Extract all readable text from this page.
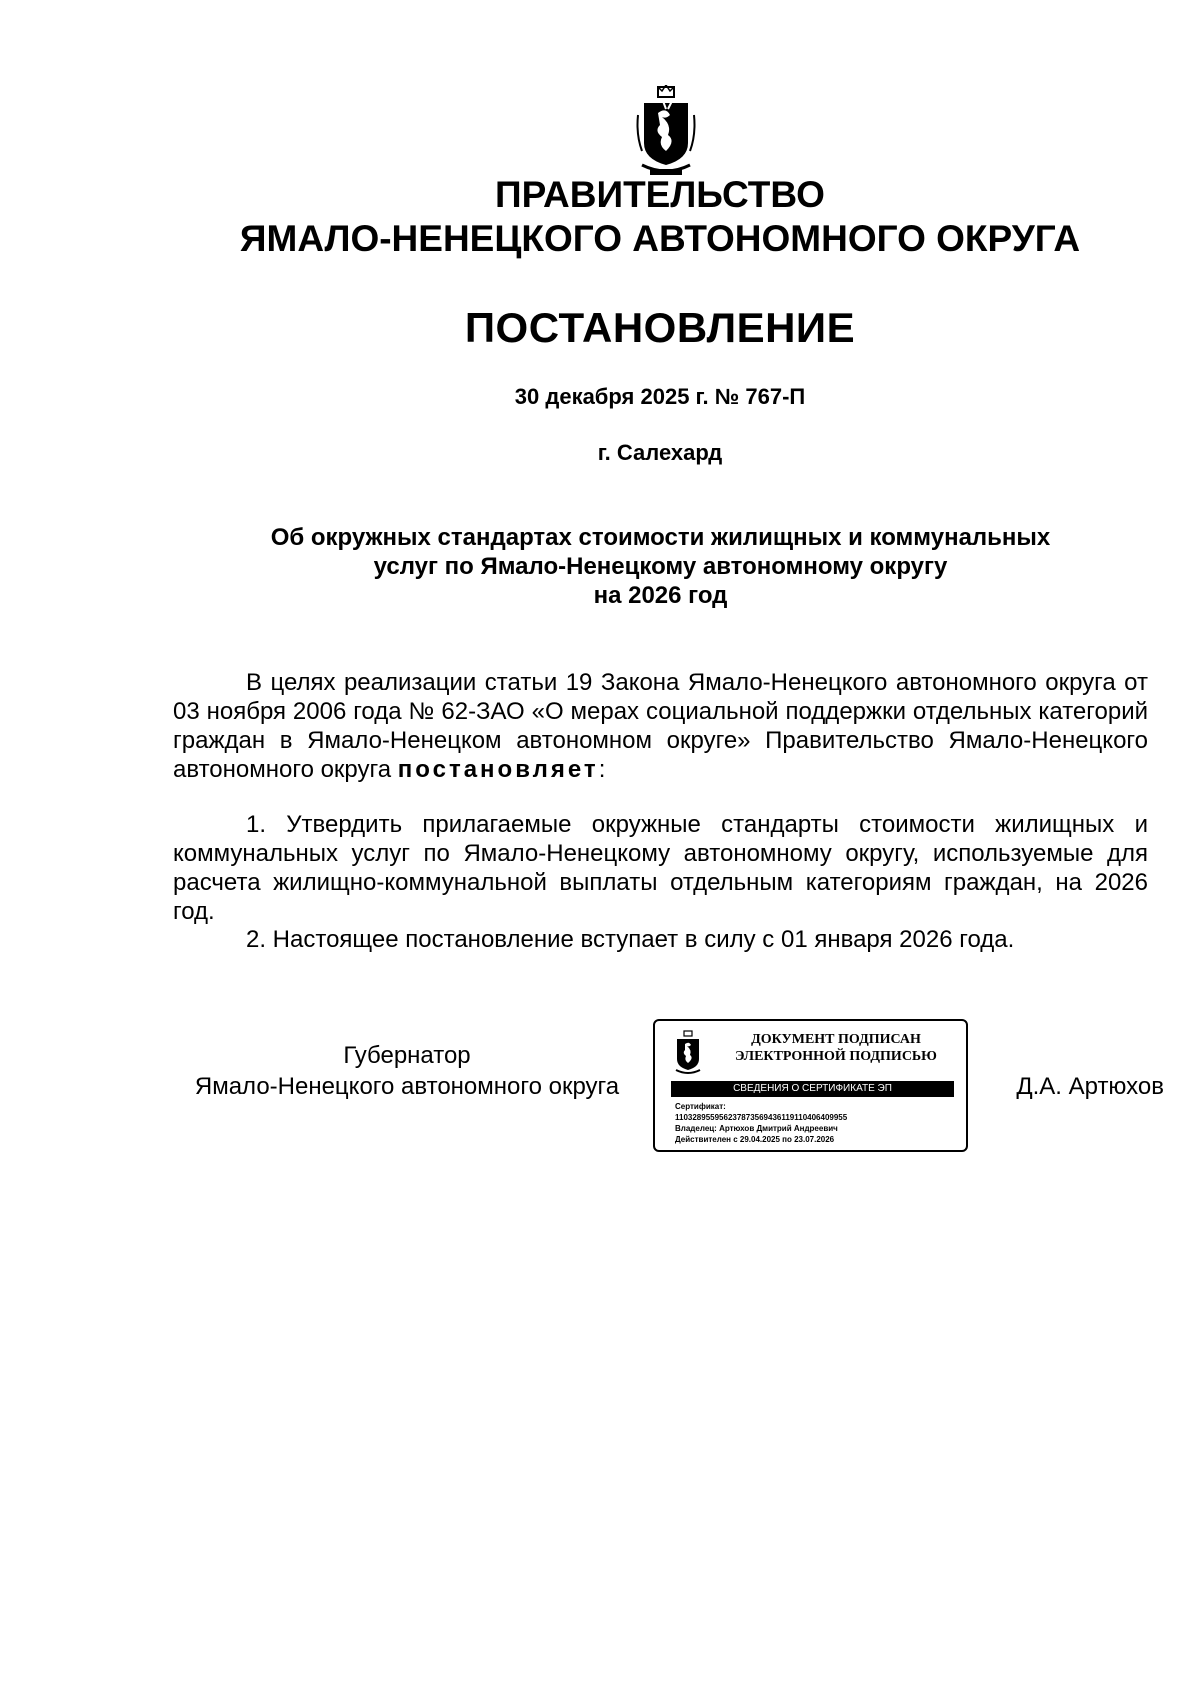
ПРАВИТЕЛЬСТВО
ЯМАЛО-НЕНЕЦКОГО АВТОНОМНОГО ОКРУГА
ПОСТАНОВЛЕНИЕ
30 декабря 2025 г. № 767-П
г. Салехард
Об окружных стандартах стоимости жилищных и коммунальных
услуг по Ямало-Ненецкому автономному округу
на 2026 год
В целях реализации статьи 19 Закона Ямало-Ненецкого автономного округа от 03 ноября 2006 года № 62-ЗАО «О мерах социальной поддержки отдельных категорий граждан в Ямало-Ненецком автономном округе» Правительство Ямало-Ненецкого автономного округа постановляет:
1. Утвердить прилагаемые окружные стандарты стоимости жилищных и коммунальных услуг по Ямало-Ненецкому автономному округу, используемые для расчета жилищно-коммунальной выплаты отдельным категориям граждан, на 2026 год.
2. Настоящее постановление вступает в силу с 01 января 2026 года.
Губернатор
Ямало-Ненецкого автономного округа
ДОКУМЕНТ ПОДПИСАН
ЭЛЕКТРОННОЙ ПОДПИСЬЮ
СВЕДЕНИЯ О СЕРТИФИКАТЕ ЭП
Сертификат:
11032895595623787356943611911040640995​5
Владелец: Артюхов Дмитрий Андреевич
Действителен с 29.04.2025 по 23.07.2026
Д.А. Артюхов
